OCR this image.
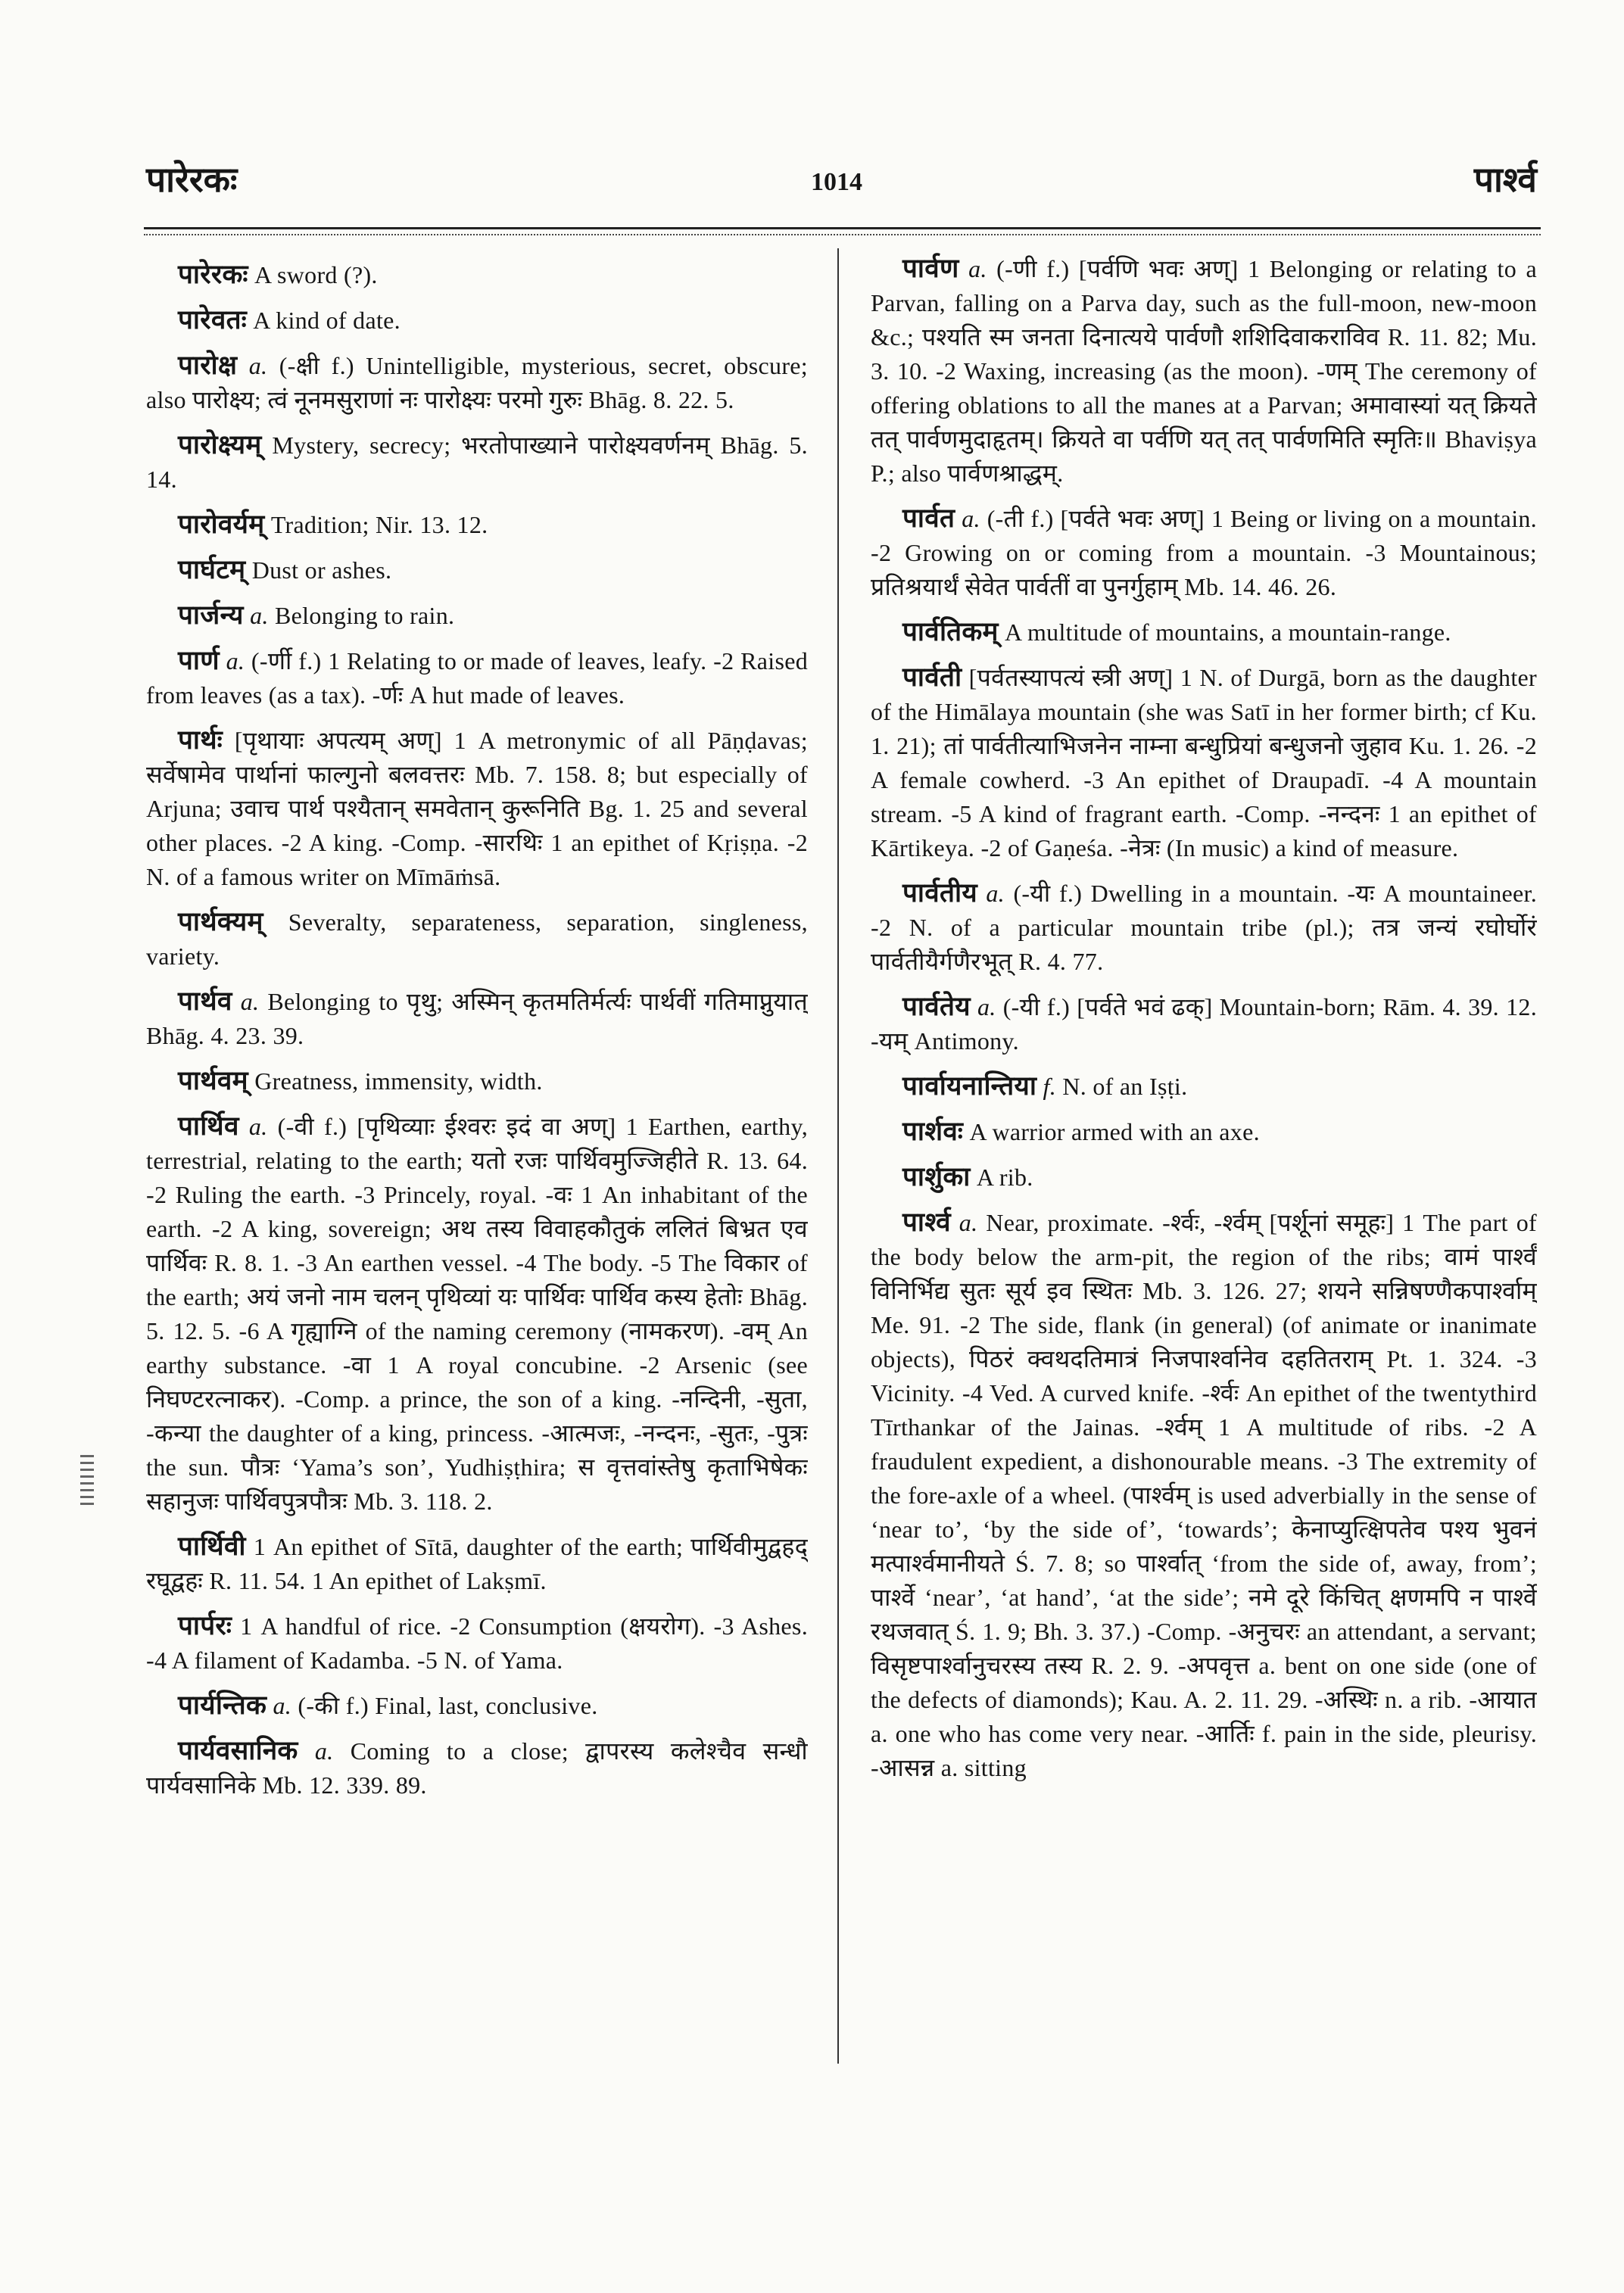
पारेरकः	1014	पार्श्व

पारेरकः A sword (?).

पारेवतः A kind of date.

पारोक्ष a. (-क्षी f.) Unintelligible, mysterious, secret, obscure; also पारोक्ष्य; त्वं नूनमसुराणां नः पारोक्ष्यः परमो गुरुः Bhāg. 8. 22. 5.

पारोक्ष्यम् Mystery, secrecy; भरतोपाख्याने पारोक्ष्यवर्णनम् Bhāg. 5. 14.

पारोवर्यम् Tradition; Nir. 13. 12.

पार्घटम् Dust or ashes.

पार्जन्य a. Belonging to rain.

पार्ण a. (-र्णी f.) 1 Relating to or made of leaves, leafy. -2 Raised from leaves (as a tax). -र्णः A hut made of leaves.

पार्थः [पृथायाः अपत्यम् अण्] 1 A metronymic of all Pāṇḍavas; सर्वेषामेव पार्थानां फाल्गुनो बलवत्तरः Mb. 7. 158. 8; but especially of Arjuna; उवाच पार्थ पश्यैतान् समवेतान् कुरूनिति Bg. 1. 25 and several other places. -2 A king. -Comp. -सारथिः 1 an epithet of Kṛiṣṇa. -2 N. of a famous writer on Mīmāṁsā.

पार्थक्यम् Severalty, separateness, separation, singleness, variety.

पार्थव a. Belonging to पृथु; अस्मिन् कृतमतिर्मर्त्यः पार्थवीं गतिमाप्नुयात् Bhāg. 4. 23. 39.

पार्थवम् Greatness, immensity, width.

पार्थिव a. (-वी f.) [पृथिव्याः ईश्वरः इदं वा अण्] 1 Earthen, earthy, terrestrial, relating to the earth; यतो रजः पार्थिवमुज्जिहीते R. 13. 64. -2 Ruling the earth. -3 Princely, royal. -वः 1 An inhabitant of the earth. -2 A king, sovereign; अथ तस्य विवाहकौतुकं ललितं बिभ्रत एव पार्थिवः R. 8. 1. -3 An earthen vessel. -4 The body. -5 The विकार of the earth; अयं जनो नाम चलन् पृथिव्यां यः पार्थिवः पार्थिव कस्य हेतोः Bhāg. 5. 12. 5. -6 A गृह्याग्नि of the naming ceremony (नामकरण). -वम् An earthy substance. -वा 1 A royal concubine. -2 Arsenic (see निघण्टरत्नाकर). -Comp. a prince, the son of a king. -नन्दिनी, -सुता, -कन्या the daughter of a king, princess. -आत्मजः, -नन्दनः, -सुतः, -पुत्रः the sun. पौत्रः ‘Yama’s son’, Yudhiṣṭhira; स वृत्तवांस्तेषु कृताभिषेकः सहानुजः पार्थिवपुत्रपौत्रः Mb. 3. 118. 2.

पार्थिवी 1 An epithet of Sītā, daughter of the earth; पार्थिवीमुद्वहद् रघूद्वहः R. 11. 54. 1 An epithet of Lakṣmī.

पार्परः 1 A handful of rice. -2 Consumption (क्षयरोग). -3 Ashes. -4 A filament of Kadamba. -5 N. of Yama.

पार्यन्तिक a. (-की f.) Final, last, conclusive.

पार्यवसानिक a. Coming to a close; द्वापरस्य कलेश्चैव सन्धौ पार्यवसानिके Mb. 12. 339. 89.

पार्वण a. (-णी f.) [पर्वणि भवः अण्] 1 Belonging or relating to a Parvan, falling on a Parva day, such as the full-moon, new-moon &c.; पश्यति स्म जनता दिनात्यये पार्वणौ शशिदिवाकराविव R. 11. 82; Mu. 3. 10. -2 Waxing, increasing (as the moon). -णम् The ceremony of offering oblations to all the manes at a Parvan; अमावास्यां यत् क्रियते तत् पार्वणमुदाहृतम्। क्रियते वा पर्वणि यत् तत् पार्वणमिति स्मृतिः॥ Bhaviṣya P.; also पार्वणश्राद्धम्.

पार्वत a. (-ती f.) [पर्वते भवः अण्] 1 Being or living on a mountain. -2 Growing on or coming from a mountain. -3 Mountainous; प्रतिश्रयार्थं सेवेत पार्वतीं वा पुनर्गुहाम् Mb. 14. 46. 26.

पार्वतिकम् A multitude of mountains, a mountain-range.

पार्वती [पर्वतस्यापत्यं स्त्री अण्] 1 N. of Durgā, born as the daughter of the Himālaya mountain (she was Satī in her former birth; cf Ku. 1. 21); तां पार्वतीत्याभिजनेन नाम्ना बन्धुप्रियां बन्धुजनो जुहाव Ku. 1. 26. -2 A female cowherd. -3 An epithet of Draupadī. -4 A mountain stream. -5 A kind of fragrant earth. -Comp. -नन्दनः 1 an epithet of Kārtikeya. -2 of Gaṇeśa. -नेत्रः (In music) a kind of measure.

पार्वतीय a. (-यी f.) Dwelling in a mountain. -यः A mountaineer. -2 N. of a particular mountain tribe (pl.); तत्र जन्यं रघोर्घोरं पार्वतीयैर्गणैरभूत् R. 4. 77.

पार्वतेय a. (-यी f.) [पर्वते भवं ढक्] Mountain-born; Rām. 4. 39. 12. -यम् Antimony.

पार्वायनान्तिया f. N. of an Iṣṭi.

पार्शवः A warrior armed with an axe.

पार्शुका A rib.

पार्श्व a. Near, proximate. -र्श्वः, -र्श्वम् [पर्शूनां समूहः] 1 The part of the body below the arm-pit, the region of the ribs; वामं पार्श्वं विनिर्भिद्य सुतः सूर्य इव स्थितः Mb. 3. 126. 27; शयने सन्निषण्णैकपार्श्वाम् Me. 91. -2 The side, flank (in general) (of animate or inanimate objects), पिठरं क्वथदतिमात्रं निजपार्श्वानेव दहतितराम् Pt. 1. 324. -3 Vicinity. -4 Ved. A curved knife. -र्श्वः An epithet of the twentythird Tīrthankar of the Jainas. -र्श्वम् 1 A multitude of ribs. -2 A fraudulent expedient, a dishonourable means. -3 The extremity of the fore-axle of a wheel. (पार्श्वम् is used adverbially in the sense of ‘near to’, ‘by the side of’, ‘towards’; केनाप्युत्क्षिपतेव पश्य भुवनं मत्पार्श्वमानीयते Ś. 7. 8; so पार्श्वात् ‘from the side of, away, from’; पार्श्वे ‘near’, ‘at hand’, ‘at the side’; नमे दूरे किंचित् क्षणमपि न पार्श्वे रथजवात् Ś. 1. 9; Bh. 3. 37.) -Comp. -अनुचरः an attendant, a servant; विसृष्टपार्श्वानुचरस्य तस्य R. 2. 9. -अपवृत्त a. bent on one side (one of the defects of diamonds); Kau. A. 2. 11. 29. -अस्थिः n. a rib. -आयात a. one who has come very near. -आर्तिः f. pain in the side, pleurisy. -आसन्न a. sitting
